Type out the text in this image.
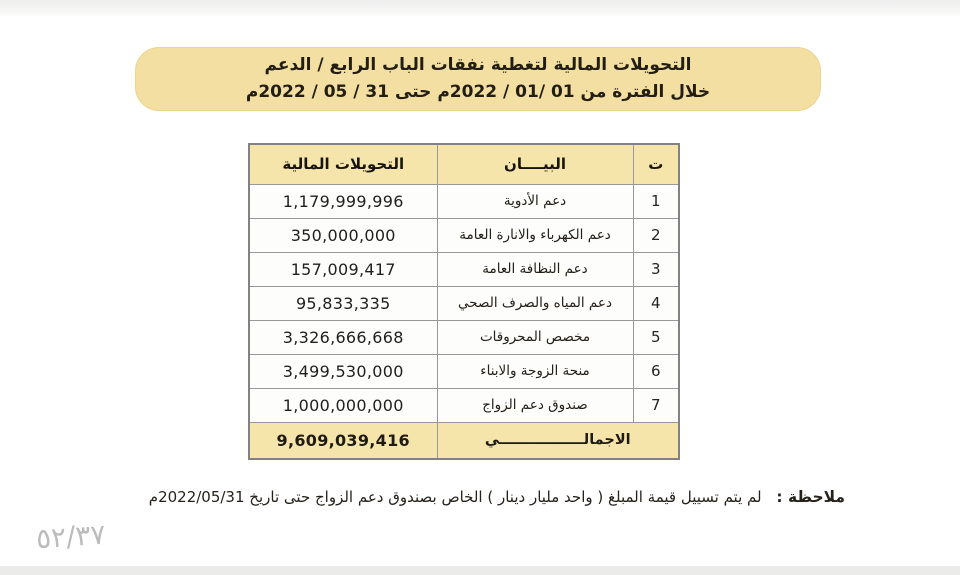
التحويلات المالية لتغطية نفقات الباب الرابع / الدعم
خلال الفترة من 01 /01 / 2022م حتى 31 / 05 / 2022م
ت	البيــــان	التحويلات المالية
1	دعم الأدوية	1,179,999,996
2	دعم الكهرباء والانارة العامة	350,000,000
3	دعم النظافة العامة	157,009,417
4	دعم المياه والصرف الصحي	95,833,335
5	مخصص المحروقات	3,326,666,668
6	منحة الزوجة والابناء	3,499,530,000
7	صندوق دعم الزواج	1,000,000,000
الاجمالـــــــــــــــــي		9,609,039,416
ملاحظة : لم يتم تسييل قيمة المبلغ ( واحد مليار دينار ) الخاص بصندوق دعم الزواج حتى تاريخ 2022/05/31م
٥٢/٣٧
